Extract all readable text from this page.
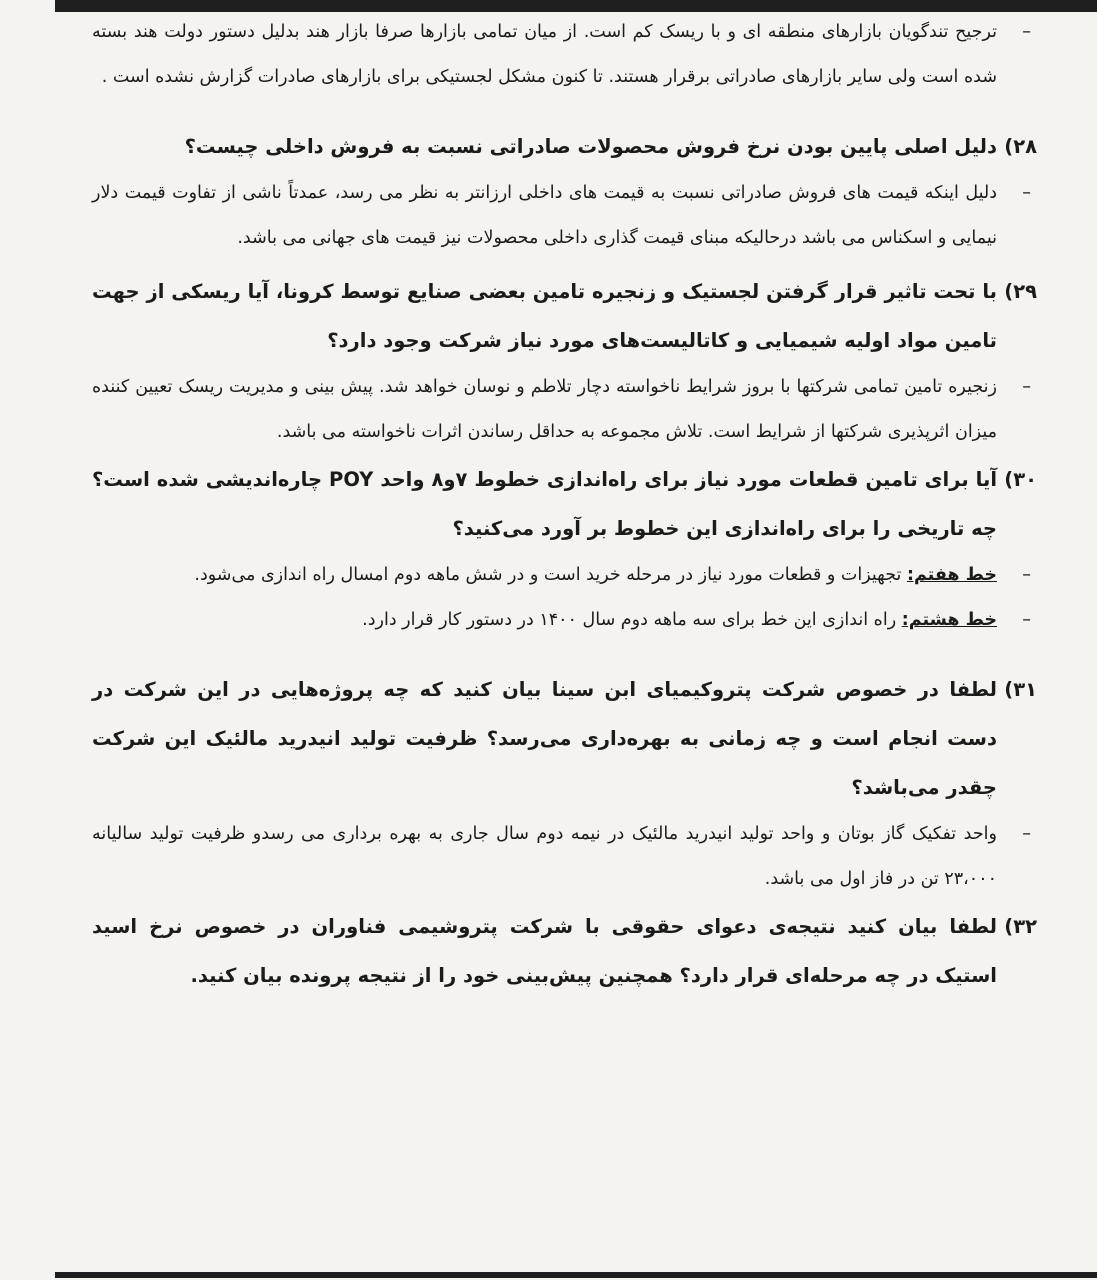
–
ترجیح تندگویان بازارهای منطقه ای و با ریسک کم است. از میان تمامی بازارها صرفا بازار هند بدلیل دستور دولت هند بسته شده است ولی سایر بازارهای صادراتی برقرار هستند. تا کنون مشکل لجستیکی برای بازارهای صادرات گزارش نشده است .
۲۸)
دلیل اصلی پایین بودن نرخ فروش محصولات صادراتی نسبت به فروش داخلی چیست؟
–
دلیل اینکه قیمت های فروش صادراتی نسبت به قیمت های داخلی ارزانتر به نظر می رسد، عمدتاً ناشی از تفاوت قیمت دلار نیمایی و اسکناس می باشد درحالیکه مبنای قیمت گذاری داخلی محصولات نیز قیمت های جهانی می باشد.
۲۹)
با تحت تاثیر قرار گرفتن لجستیک و زنجیره تامین بعضی صنایع توسط کرونا، آیا ریسکی از جهت تامین مواد اولیه شیمیایی و کاتالیست‌های مورد نیاز شرکت وجود دارد؟
–
زنجیره تامین تمامی شرکتها با بروز شرایط ناخواسته دچار تلاطم و نوسان خواهد شد. پیش بینی و مدیریت ریسک تعیین کننده میزان اثرپذیری شرکتها از شرایط است. تلاش مجموعه به حداقل رساندن اثرات ناخواسته می باشد.
۳۰)
آیا برای تامین قطعات مورد نیاز برای راه‌اندازی خطوط ۷و۸ واحد POY چاره‌اندیشی شده است؟چه تاریخی را برای راه‌اندازی این خطوط بر آورد می‌کنید؟
–
خط هفتم: تجهیزات و قطعات مورد نیاز در مرحله خرید است و در شش ماهه دوم امسال راه اندازی می‌شود.
–
خط هشتم: راه اندازی این خط برای سه ماهه دوم سال ۱۴۰۰ در دستور کار قرار دارد.
۳۱)
لطفا در خصوص شرکت پتروکیمیای ابن سینا بیان کنید که چه پروژه‌هایی در این شرکت در دست انجام است و چه زمانی به بهره‌داری می‌رسد؟ ظرفیت تولید انیدرید مالئیک این شرکت چقدر می‌باشد؟
–
واحد تفکیک گاز بوتان و واحد تولید انیدرید مالئیک در نیمه دوم سال جاری به بهره برداری می رسدو ظرفیت تولید سالیانه ۲۳،۰۰۰ تن در فاز اول می باشد.
۳۲)
لطفا بیان کنید نتیجه‌ی دعوای حقوقی با شرکت پتروشیمی فناوران در خصوص نرخ اسید استیک در چه مرحله‌ای قرار دارد؟ همچنین پیش‌بینی خود را از نتیجه پرونده بیان کنید.
